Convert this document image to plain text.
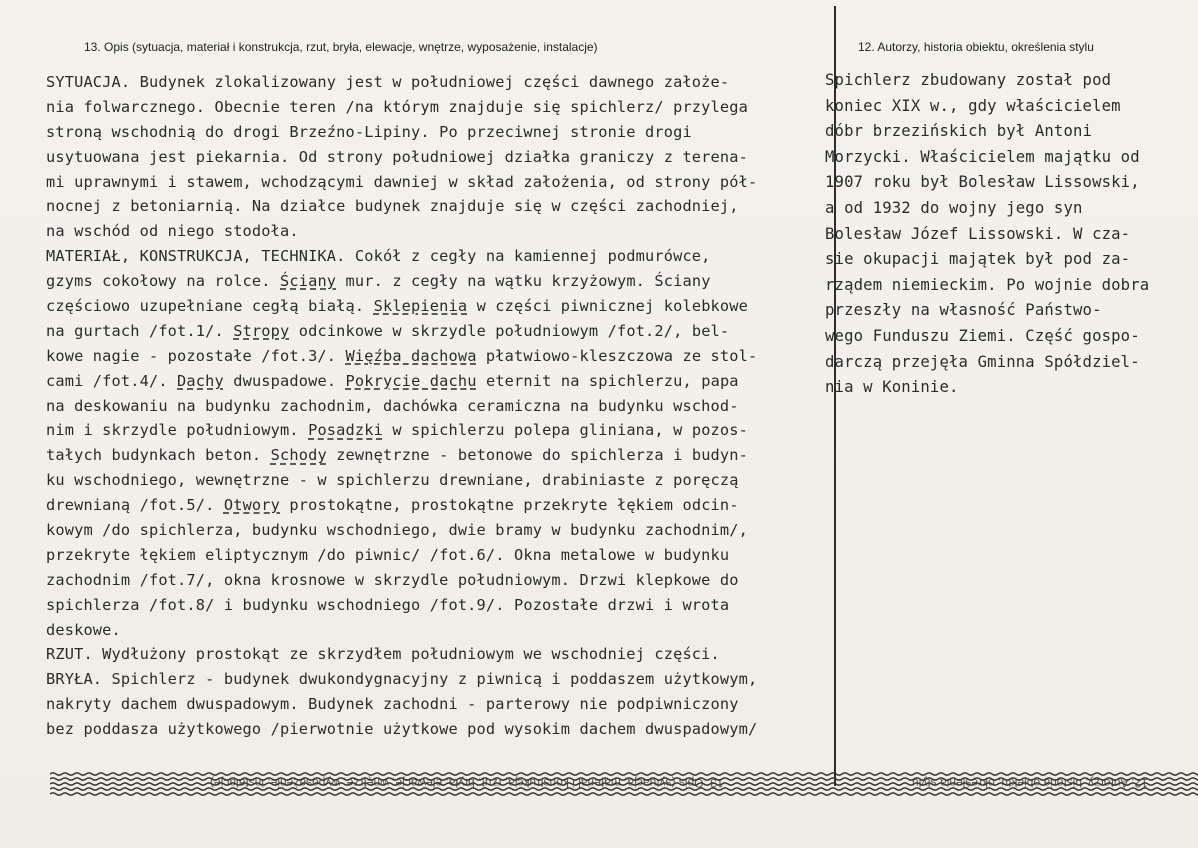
13. Opis (sytuacja, materiał i konstrukcja, rzut, bryła, elewacje, wnętrze, wyposażenie, instalacje)	12. Autorzy, historia obiektu, określenia stylu
SYTUACJA. Budynek zlokalizowany jest w południowej części dawnego założe-
nia folwarcznego. Obecnie teren /na którym znajduje się spichlerz/ przylega
stroną wschodnią do drogi Brzeźno-Lipiny. Po przeciwnej stronie drogi
usytuowana jest piekarnia. Od strony południowej działka graniczy z terena-
mi uprawnymi i stawem, wchodzącymi dawniej w skład założenia, od strony pół-
nocnej z betoniarnią. Na działce budynek znajduje się w części zachodniej,
na wschód od niego stodoła.
MATERIAŁ, KONSTRUKCJA, TECHNIKA. Cokół z cegły na kamiennej podmurówce,
gzyms cokołowy na rolce. Ściany mur. z cegły na wątku krzyżowym. Ściany
częściowo uzupełniane cegłą białą. Sklepienia w części piwnicznej kolebkowe
na gurtach /fot.1/. Stropy odcinkowe w skrzydle południowym /fot.2/, bel-
kowe nagie - pozostałe /fot.3/. Więźba dachowa płatwiowo-kleszczowa ze stol-
cami /fot.4/. Dachy dwuspadowe. Pokrycie dachu eternit na spichlerzu, papa
na deskowaniu na budynku zachodnim, dachówka ceramiczna na budynku wschod-
nim i skrzydle południowym. Posadzki w spichlerzu polepa gliniana, w pozos-
tałych budynkach beton. Schody zewnętrzne - betonowe do spichlerza i budyn-
ku wschodniego, wewnętrzne - w spichlerzu drewniane, drabiniaste z poręczą
drewnianą /fot.5/. Otwory prostokątne, prostokątne przekryte łękiem odcin-
kowym /do spichlerza, budynku wschodniego, dwie bramy w budynku zachodnim/,
przekryte łękiem eliptycznym /do piwnic/ /fot.6/. Okna metalowe w budynku
zachodnim /fot.7/, okna krosnowe w skrzydle południowym. Drzwi klepkowe do
spichlerza /fot.8/ i budynku wschodniego /fot.9/. Pozostałe drzwi i wrota
deskowe.
RZUT. Wydłużony prostokąt ze skrzydłem południowym we wschodniej części.
BRYŁA. Spichlerz - budynek dwukondygnacyjny z piwnicą i poddaszem użytkowym,
nakryty dachem dwuspadowym. Budynek zachodni - parterowy nie podpiwniczony
bez poddasza użytkowego /pierwotnie użytkowe pod wysokim dachem dwuspadowym/
Spichlerz zbudowany został pod
koniec XIX w., gdy właścicielem
dóbr brzezińskich był Antoni
Morzycki. Właścicielem majątku od
1907 roku był Bolesław Lissowski,
a od 1932 do wojny jego syn
Bolesław Józef Lissowski. W cza-
sie okupacji majątek był pod za-
rządem niemieckim. Po wojnie dobra
przeszły na własność Państwo-
wego Funduszu Ziemi. Część gospo-
darczą przejęła Gminna Spółdziel-
nia w Koninie.
13. Opis (sytuacja, materiał i konstrukcja, rzut, bryła, elewacje, wnętrze, wyposażenie, instalacje)	12. Autorzy, historia obiektu, określenia stylu
